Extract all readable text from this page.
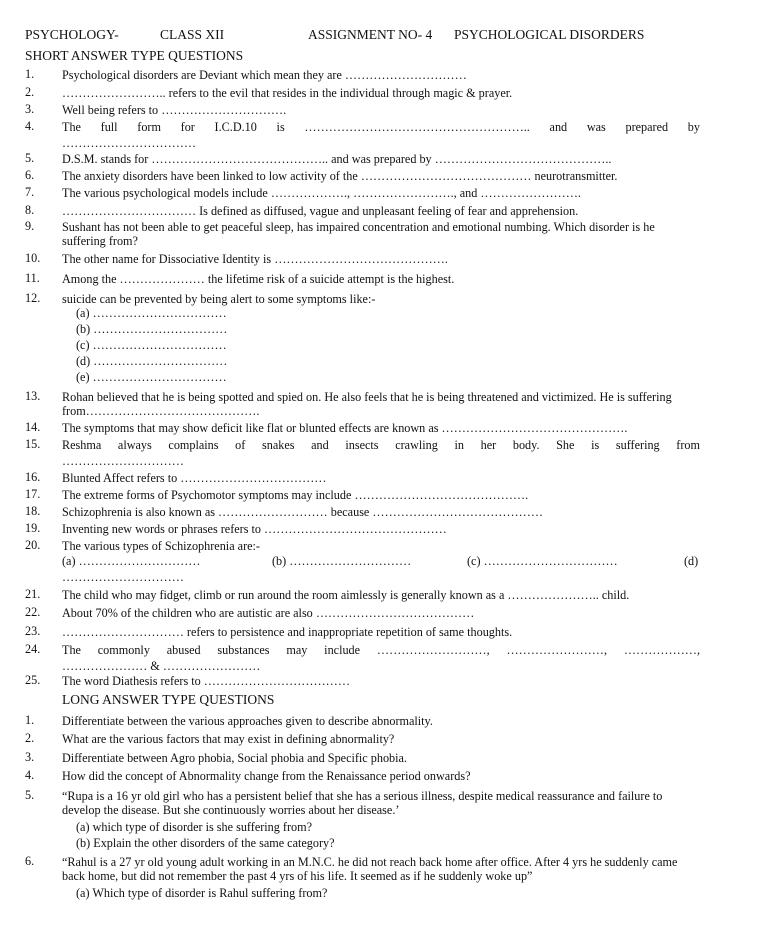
PSYCHOLOGY-	CLASS XII	ASSIGNMENT NO- 4 PSYCHOLOGICAL DISORDERS
SHORT ANSWER TYPE QUESTIONS
1. Psychological disorders are Deviant which mean they are …………………………
2. …………………….. refers to the evil that resides in the individual through magic & prayer.
3. Well being refers to ………………………….
4. The full form for I.C.D.10 is ……………………………………………….. and was prepared by
……………………………
5. D.S.M. stands for …………………………………….. and was prepared by ……………………………………..
6. The anxiety disorders have been linked to low activity of the …………………………………… neurotransmitter.
7. The various psychological models include ………………., ……………………., and …………………….
8. …………………………… Is defined as diffused, vague and unpleasant feeling of fear and apprehension.
9. Sushant has not been able to get peaceful sleep, has impaired concentration and emotional numbing. Which disorder is he suffering from?
10. The other name for Dissociative Identity is …………………………………….
11. Among the ………………… the lifetime risk of a suicide attempt is the highest.
12. suicide can be prevented by being alert to some symptoms like:-
(a) ……………………………
(b) ……………………………
(c) ……………………………
(d) ……………………………
(e) ……………………………
13. Rohan believed that he is being spotted and spied on. He also feels that he is being threatened and victimized. He is suffering from…………………………………….
14. The symptoms that may show deficit like flat or blunted effects are known as ……………………………………….
15. Reshma always complains of snakes and insects crawling in her body. She is suffering from
…………………………
16. Blunted Affect refers to ………………………………
17. The extreme forms of Psychomotor symptoms may include …………………………………….
18. Schizophrenia is also known as ……………………… because ……………………………………
19. Inventing new words or phrases refers to ………………………………………
20. The various types of Schizophrenia are:-
(a) …………………………	(b) …………………………	(c) ……………………………	(d)
…………………………
21. The child who may fidget, climb or run around the room aimlessly is generally known as a ………………….. child.
22. About 70% of the children who are autistic are also …………………………………
23. ………………………… refers to persistence and inappropriate repetition of same thoughts.
24. The commonly abused substances may include ………………………, ……………………, ………………,
………………… & ……………………
25. The word Diathesis refers to ………………………………
LONG ANSWER TYPE QUESTIONS
1. Differentiate between the various approaches given to describe abnormality.
2. What are the various factors that may exist in defining abnormality?
3. Differentiate between Agro phobia, Social phobia and Specific phobia.
4. How did the concept of Abnormality change from the Renaissance period onwards?
5. “Rupa is a 16 yr old girl who has a persistent belief that she has a serious illness, despite medical reassurance and failure to develop the disease. But she continuously worries about her disease.’
(a) which type of disorder is she suffering from?
(b) Explain the other disorders of the same category?
6. “Rahul is a 27 yr old young adult working in an M.N.C. he did not reach back home after office. After 4 yrs he suddenly came back home, but did not remember the past 4 yrs of his life. It seemed as if he suddenly woke up”
(a) Which type of disorder is Rahul suffering from?
